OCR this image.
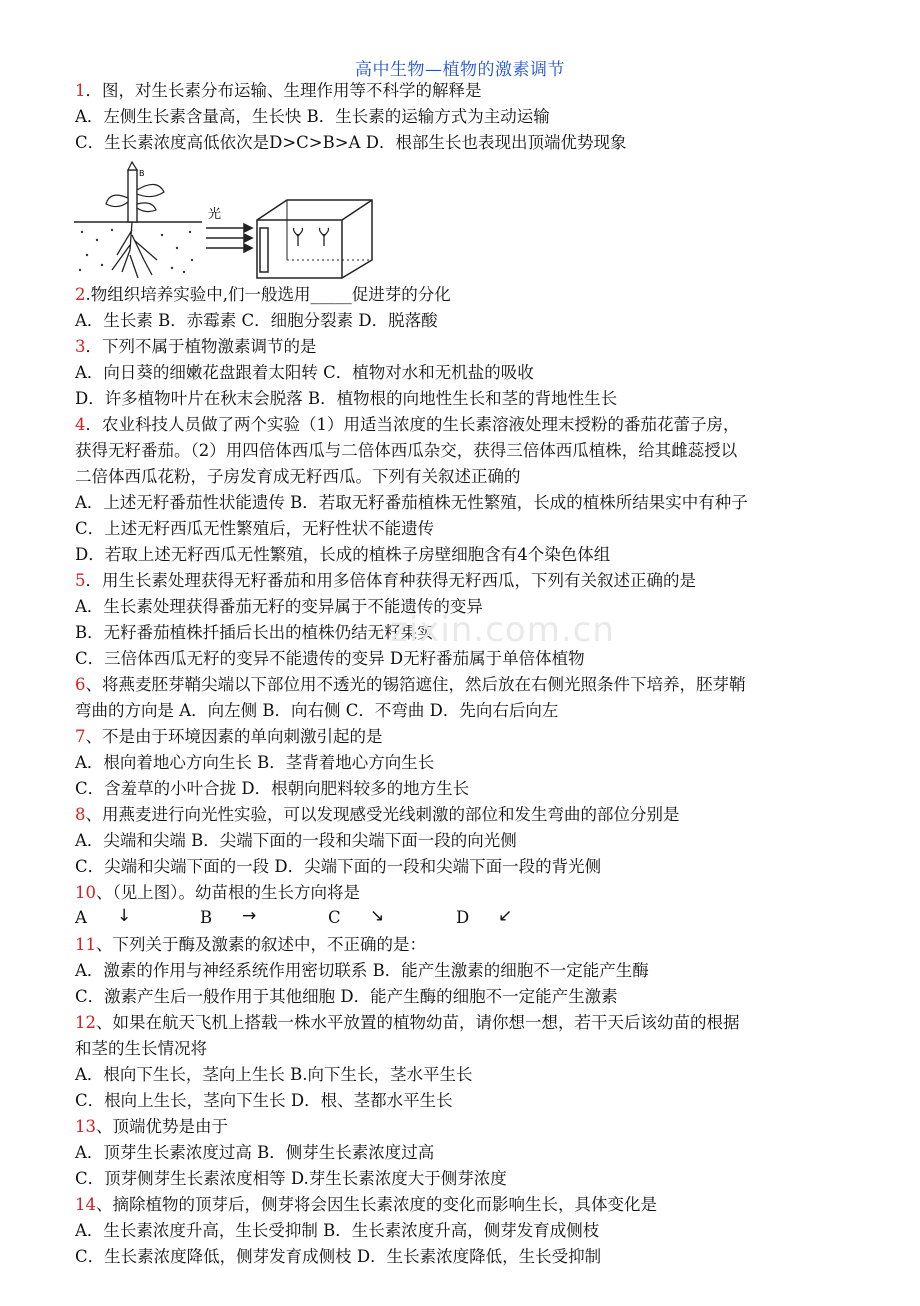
高中生物—植物的激素调节
B
光
1．图，对生长素分布运输、生理作用等不科学的解释是
A．左侧生长素含量高，生长快 B．生长素的运输方式为主动运输
C．生长素浓度高低依次是D>C>B>A D．根部生长也表现出顶端优势现象
2.物组织培养实验中,们一般选用_____促进芽的分化
A．生长素 B．赤霉素 C．细胞分裂素 D．脱落酸
3．下列不属于植物激素调节的是
A．向日葵的细嫩花盘跟着太阳转 C．植物对水和无机盐的吸收
D．许多植物叶片在秋末会脱落 B．植物根的向地性生长和茎的背地性生长
4．农业科技人员做了两个实验（1）用适当浓度的生长素溶液处理末授粉的番茄花蕾子房，
获得无籽番茄。（2）用四倍体西瓜与二倍体西瓜杂交，获得三倍体西瓜植株，给其雌蕊授以
二倍体西瓜花粉，子房发育成无籽西瓜。下列有关叙述正确的
A．上述无籽番茄性状能遗传 B．若取无籽番茄植株无性繁殖，长成的植株所结果实中有种子
C．上述无籽西瓜无性繁殖后，无籽性状不能遗传
D．若取上述无籽西瓜无性繁殖，长成的植株子房壁细胞含有4个染色体组
5．用生长素处理获得无籽番茄和用多倍体育种获得无籽西瓜，下列有关叙述正确的是
A．生长素处理获得番茄无籽的变异属于不能遗传的变异
B．无籽番茄植株扦插后长出的植株仍结无籽果实
C．三倍体西瓜无籽的变异不能遗传的变异 D无籽番茄属于单倍体植物
6、将燕麦胚芽鞘尖端以下部位用不透光的锡箔遮住，然后放在右侧光照条件下培养，胚芽鞘
弯曲的方向是 A．向左侧 B．向右侧 C．不弯曲 D．先向右后向左
7、不是由于环境因素的单向刺激引起的是
A．根向着地心方向生长 B．茎背着地心方向生长
C．含羞草的小叶合拢 D．根朝向肥料较多的地方生长
8、用燕麦进行向光性实验，可以发现感受光线刺激的部位和发生弯曲的部位分别是
A．尖端和尖端 B．尖端下面的一段和尖端下面一段的向光侧
C．尖端和尖端下面的一段 D．尖端下面的一段和尖端下面一段的背光侧
10、（见上图）。幼苗根的生长方向将是
11、下列关于酶及激素的叙述中，不正确的是：
A．激素的作用与神经系统作用密切联系 B．能产生激素的细胞不一定能产生酶
C．激素产生后一般作用于其他细胞 D．能产生酶的细胞不一定能产生激素
12、如果在航天飞机上搭载一株水平放置的植物幼苗，请你想一想，若干天后该幼苗的根据
和茎的生长情况将
A．根向下生长，茎向上生长 B.向下生长，茎水平生长
C．根向上生长，茎向下生长 D．根、茎都水平生长
13、顶端优势是由于
A．顶芽生长素浓度过高 B．侧芽生长素浓度过高
C．顶芽侧芽生长素浓度相等 D.芽生长素浓度大于侧芽浓度
14、摘除植物的顶芽后，侧芽将会因生长素浓度的变化而影响生长，具体变化是
A．生长素浓度升高，生长受抑制 B．生长素浓度升高，侧芽发育成侧枝
C．生长素浓度降低，侧芽发育成侧枝 D．生长素浓度降低，生长受抑制
A ↓	B →	C ↘	D ↙
zixin.com.cn
